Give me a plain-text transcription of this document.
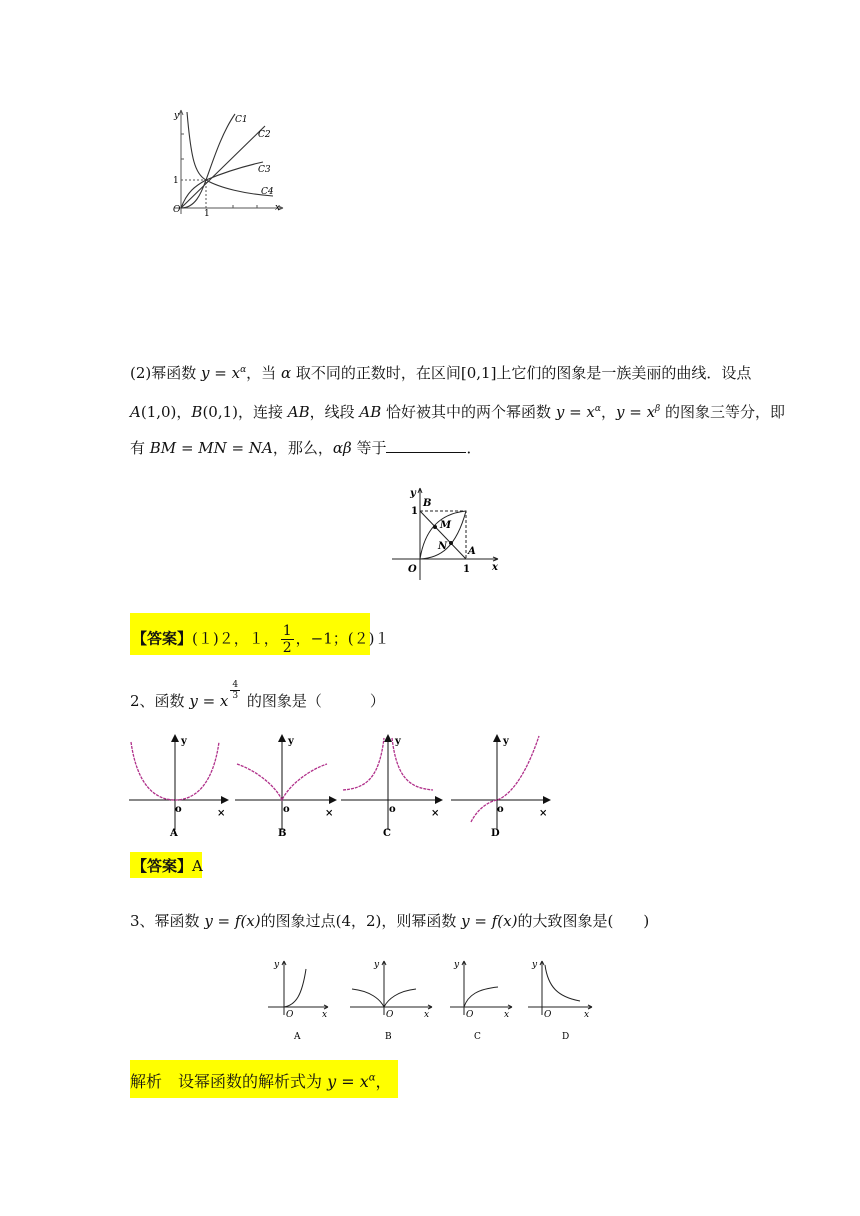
y
x
O	1
1
C1
C2
C3
C4
(2)幂函数 $y = x^\alpha$，当 α 取不同的正数时，在区间[0,1]上它们的图象是一族美丽的曲线．设点
A(1,0)，B(0,1)，连接 AB，线段 AB 恰好被其中的两个幂函数 $y = x^\alpha$，$y = x^\beta$ 的图象三等分，即
有 BM = MN = NA，那么，αβ 等于	．
y
x
O
B
1
M
N A
1
【答案】(１)２，１， $\frac{1}{2}$ ，−1；(２)１
2、函数 y = x $\frac{4}{3}$ 的图象是（	）
y
×
o
A
y
×
o
B
y
×
o
C
y
×
o
D
【答案】A
3、幂函数 y = f(x)的图象过点(4，2)，则幂函数 y = f(x)的大致图象是( )
y
x
O
A
y
x
O
B
y
x
O
C
y
x
O
D
解析 设幂函数的解析式为 $y = x^\alpha$，
